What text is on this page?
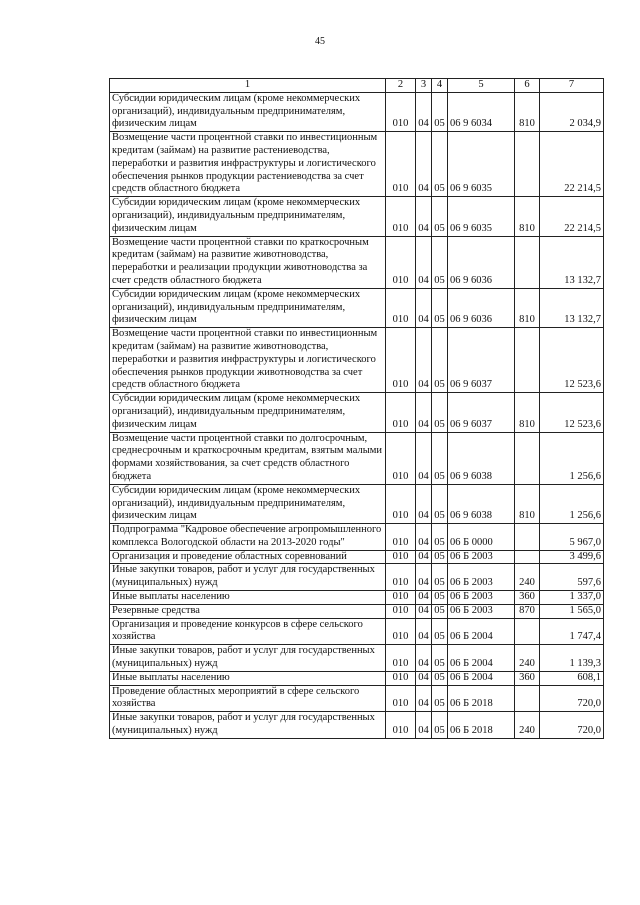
45
1	2	3	4	5	6	7
Субсидии юридическим лицам (кроме некоммерческих организаций), индивидуальным предпринимателям, физическим лицам	010	04	05	06 9 6034	810	2 034,9
Возмещение части процентной ставки по инвестиционным кредитам (займам) на развитие растениеводства, переработки и развития инфраструктуры и логистического обеспечения рынков продукции растениеводства за счет средств областного бюджета	010	04	05	06 9 6035		22 214,5
Субсидии юридическим лицам (кроме некоммерческих организаций), индивидуальным предпринимателям, физическим лицам	010	04	05	06 9 6035	810	22 214,5
Возмещение части процентной ставки по краткосрочным кредитам (займам) на развитие животноводства, переработки и реализации продукции животноводства за счет средств областного бюджета	010	04	05	06 9 6036		13 132,7
Субсидии юридическим лицам (кроме некоммерческих организаций), индивидуальным предпринимателям, физическим лицам	010	04	05	06 9 6036	810	13 132,7
Возмещение части процентной ставки по инвестиционным кредитам (займам) на развитие животноводства, переработки и развития инфраструктуры и логистического обеспечения рынков продукции животноводства за счет средств областного бюджета	010	04	05	06 9 6037		12 523,6
Субсидии юридическим лицам (кроме некоммерческих организаций), индивидуальным предпринимателям, физическим лицам	010	04	05	06 9 6037	810	12 523,6
Возмещение части процентной ставки по долгосрочным, среднесрочным и краткосрочным кредитам, взятым малыми формами хозяйствования, за счет средств областного бюджета	010	04	05	06 9 6038		1 256,6
Субсидии юридическим лицам (кроме некоммерческих организаций), индивидуальным предпринимателям, физическим лицам	010	04	05	06 9 6038	810	1 256,6
Подпрограмма "Кадровое обеспечение агропромышленного комплекса Вологодской области на 2013-2020 годы"	010	04	05	06 Б 0000		5 967,0
Организация и проведение областных соревнований	010	04	05	06 Б 2003		3 499,6
Иные закупки товаров, работ и услуг для государственных (муниципальных) нужд	010	04	05	06 Б 2003	240	597,6
Иные выплаты населению	010	04	05	06 Б 2003	360	1 337,0
Резервные средства	010	04	05	06 Б 2003	870	1 565,0
Организация и проведение конкурсов в сфере сельского хозяйства	010	04	05	06 Б 2004		1 747,4
Иные закупки товаров, работ и услуг для государственных (муниципальных) нужд	010	04	05	06 Б 2004	240	1 139,3
Иные выплаты населению	010	04	05	06 Б 2004	360	608,1
Проведение областных мероприятий в сфере сельского хозяйства	010	04	05	06 Б 2018		720,0
Иные закупки товаров, работ и услуг для государственных (муниципальных) нужд	010	04	05	06 Б 2018	240	720,0
